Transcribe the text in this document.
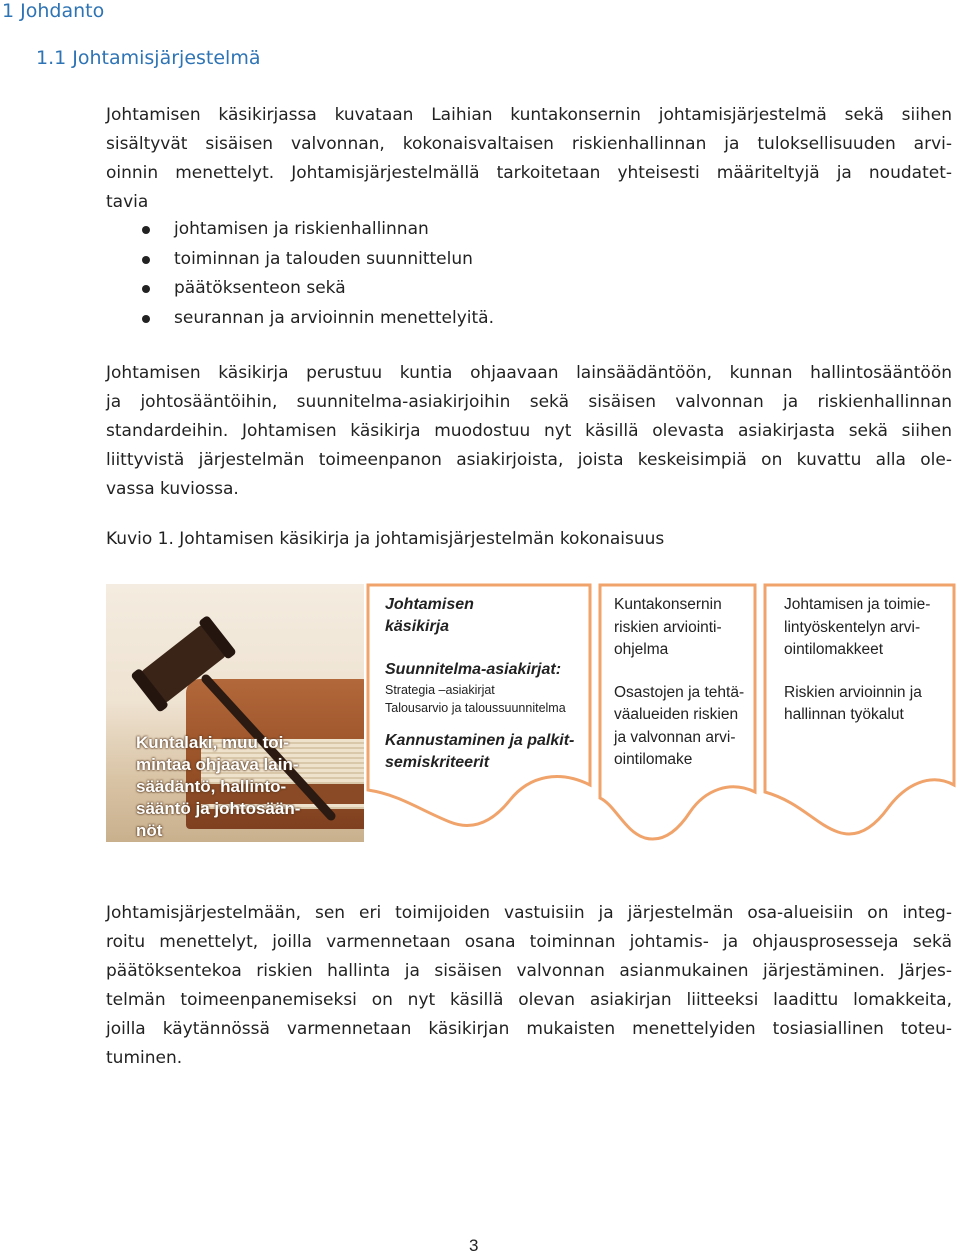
1 Johdanto
1.1 Johtamisjärjestelmä
Johtamisen käsikirjassa kuvataan Laihian kuntakonsernin johtamisjärjestelmä sekä siihen
sisältyvät sisäisen valvonnan, kokonaisvaltaisen riskienhallinnan ja tuloksellisuuden arvi-
oinnin menettelyt. Johtamisjärjestelmällä tarkoitetaan yhteisesti määriteltyjä ja noudatet-
tavia
johtamisen ja riskienhallinnan
toiminnan ja talouden suunnittelun
päätöksenteon sekä
seurannan ja arvioinnin menettelyitä.
Johtamisen käsikirja perustuu kuntia ohjaavaan lainsäädäntöön, kunnan hallintosääntöön
ja johtosääntöihin, suunnitelma-asiakirjoihin sekä sisäisen valvonnan ja riskienhallinnan
standardeihin. Johtamisen käsikirja muodostuu nyt käsillä olevasta asiakirjasta sekä siihen
liittyvistä järjestelmän toimeenpanon asiakirjoista, joista keskeisimpiä on kuvattu alla ole-
vassa kuviossa.
Kuvio 1. Johtamisen käsikirja ja johtamisjärjestelmän kokonaisuus
Kuntalaki, muu toi-
mintaa ohjaava lain-
säädäntö, hallinto-
sääntö ja johtosään-
nöt
Johtamisen
käsikirja
Suunnitelma-asiakirjat:
Strategia –asiakirjat
Talousarvio ja taloussuunnitelma
Kannustaminen ja palkit-
semiskriteerit
Kuntakonsernin
riskien arviointi-
ohjelma
Osastojen ja tehtä-
väalueiden riskien
ja valvonnan arvi-
ointilomake
Johtamisen ja toimie-
lintyöskentelyn arvi-
ointilomakkeet
Riskien arvioinnin ja
hallinnan työkalut
Johtamisjärjestelmään, sen eri toimijoiden vastuisiin ja järjestelmän osa-alueisiin on integ-
roitu menettelyt, joilla varmennetaan osana toiminnan johtamis- ja ohjausprosesseja sekä
päätöksentekoa riskien hallinta ja sisäisen valvonnan asianmukainen järjestäminen. Järjes-
telmän toimeenpanemiseksi on nyt käsillä olevan asiakirjan liitteeksi laadittu lomakkeita,
joilla käytännössä varmennetaan käsikirjan mukaisten menettelyiden tosiasiallinen toteu-
tuminen.
3
